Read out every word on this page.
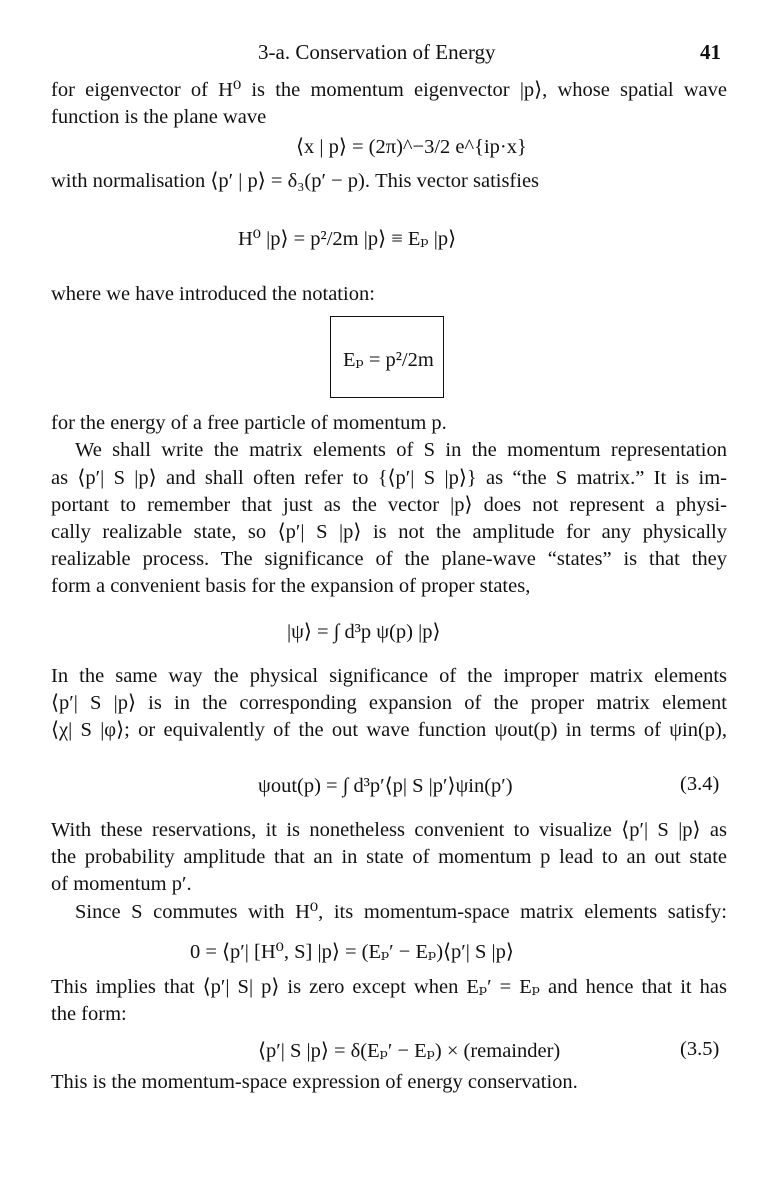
3-a. Conservation of Energy	41
for eigenvector of H⁰ is the momentum eigenvector |p⟩, whose spatial wave
function is the plane wave
⟨x | p⟩ = (2π)^−3/2 e^{ip·x}
with normalisation ⟨p′ | p⟩ = δ₃(p′ − p). This vector satisfies
H⁰ |p⟩ = p²/2m |p⟩ ≡ Eₚ |p⟩
where we have introduced the notation:
Eₚ = p²/2m
for the energy of a free particle of momentum p.
We shall write the matrix elements of S in the momentum representation
as ⟨p′| S |p⟩ and shall often refer to {⟨p′| S |p⟩} as “the S matrix.” It is im-
portant to remember that just as the vector |p⟩ does not represent a physi-
cally realizable state, so ⟨p′| S |p⟩ is not the amplitude for any physically
realizable process. The significance of the plane-wave “states” is that they
form a convenient basis for the expansion of proper states,
|ψ⟩ = ∫ d³p ψ(p) |p⟩
In the same way the physical significance of the improper matrix elements
⟨p′| S |p⟩ is in the corresponding expansion of the proper matrix element
⟨χ| S |φ⟩; or equivalently of the out wave function ψout(p) in terms of ψin(p),
ψout(p) = ∫ d³p′⟨p| S |p′⟩ψin(p′)	(3.4)
With these reservations, it is nonetheless convenient to visualize ⟨p′| S |p⟩ as
the probability amplitude that an in state of momentum p lead to an out state
of momentum p′.
Since S commutes with H⁰, its momentum-space matrix elements satisfy:
0 = ⟨p′| [H⁰, S] |p⟩ = (Eₚ′ − Eₚ)⟨p′| S |p⟩
This implies that ⟨p′| S| p⟩ is zero except when Eₚ′ = Eₚ and hence that it has
the form:
⟨p′| S |p⟩ = δ(Eₚ′ − Eₚ) × (remainder)	(3.5)
This is the momentum-space expression of energy conservation.
